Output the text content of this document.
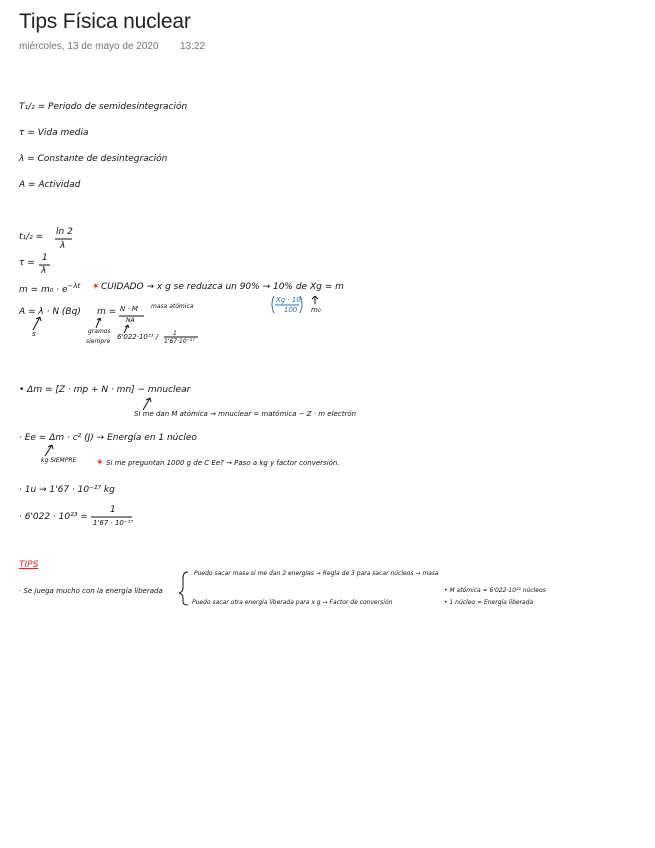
Tips Física nuclear
miércoles, 13 de mayo de 2020 13:22
T₁/₂ = Periodo de semidesintegración
τ = Vida media
λ = Constante de desintegración
A = Actividad
t₁/₂ = ln 2
λ
τ = 1
λ
$m = m_0 \cdot e^{-\lambda t}$ ✶ CUIDADO → x g se reduzca un 90% → 10% de Xg = m
Xg · 10
100 m₀
A = λ · N (Bq) m = N · M
NA
masa atómica
s	gramos
siempre
6'022·10²³ / 1
1'67·10⁻²⁷
• Δm = [Z · mp + N · mn] − mnuclear
Si me dan M atómica → mnuclear = matómica − Z · m electrón
· Ee = Δm · c² (J) → Energía en 1 núcleo
kg SIEMPRE ✶ Si me preguntan 1000 g de C Ee? → Paso a kg y factor conversión.
· 1u → 1'67 · 10⁻²⁷ kg
· 6'022 · 10²³ =
1
1'67 · 10⁻²⁷
TIPS
· Se juega mucho con la energía liberada
Puedo sacar masa si me dan 2 energías → Regla de 3 para sacar núcleos → masa
Puedo sacar otra energía liberada para x g → Factor de conversión
• M atómica = 6'022·10²³ núcleos
• 1 núcleo = Energía liberada
